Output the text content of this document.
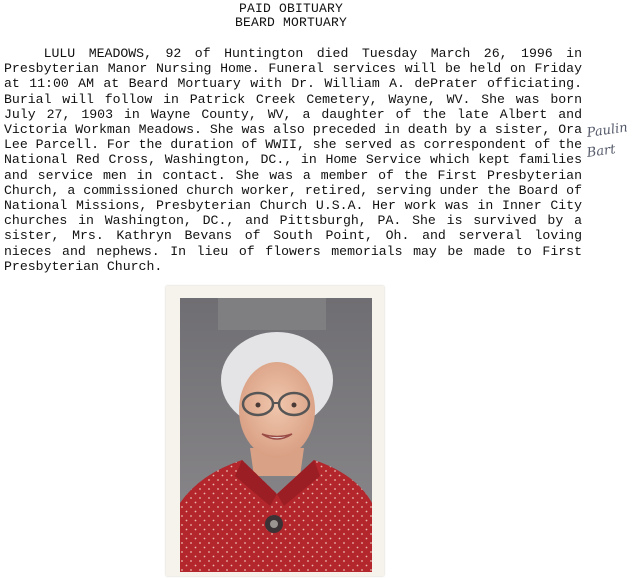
PAID OBITUARY
BEARD MORTUARY

LULU MEADOWS, 92 of Huntington died Tuesday March 26, 1996 in Presbyterian Manor Nursing Home. Funeral services will be held on Friday at 11:00 AM at Beard Mortuary with Dr. William A. dePrater officiating. Burial will follow in Patrick Creek Cemetery, Wayne, WV. She was born July 27, 1903 in Wayne County, WV, a daughter of the late Albert and Victoria Workman Meadows. She was also preceded in death by a sister, Ora Lee Parcell. For the duration of WWII, she served as correspondent of the National Red Cross, Washington, DC., in Home Service which kept families and service men in contact. She was a member of the First Presbyterian Church, a commissioned church worker, retired, serving under the Board of National Missions, Presbyterian Church U.S.A. Her work was in Inner City churches in Washington, DC., and Pittsburgh, PA. She is survived by a sister, Mrs. Kathryn Bevans of South Point, Oh. and serveral loving nieces and nephews. In lieu of flowers memorials may be made to First Presbyterian Church.

Paulin
Bart
